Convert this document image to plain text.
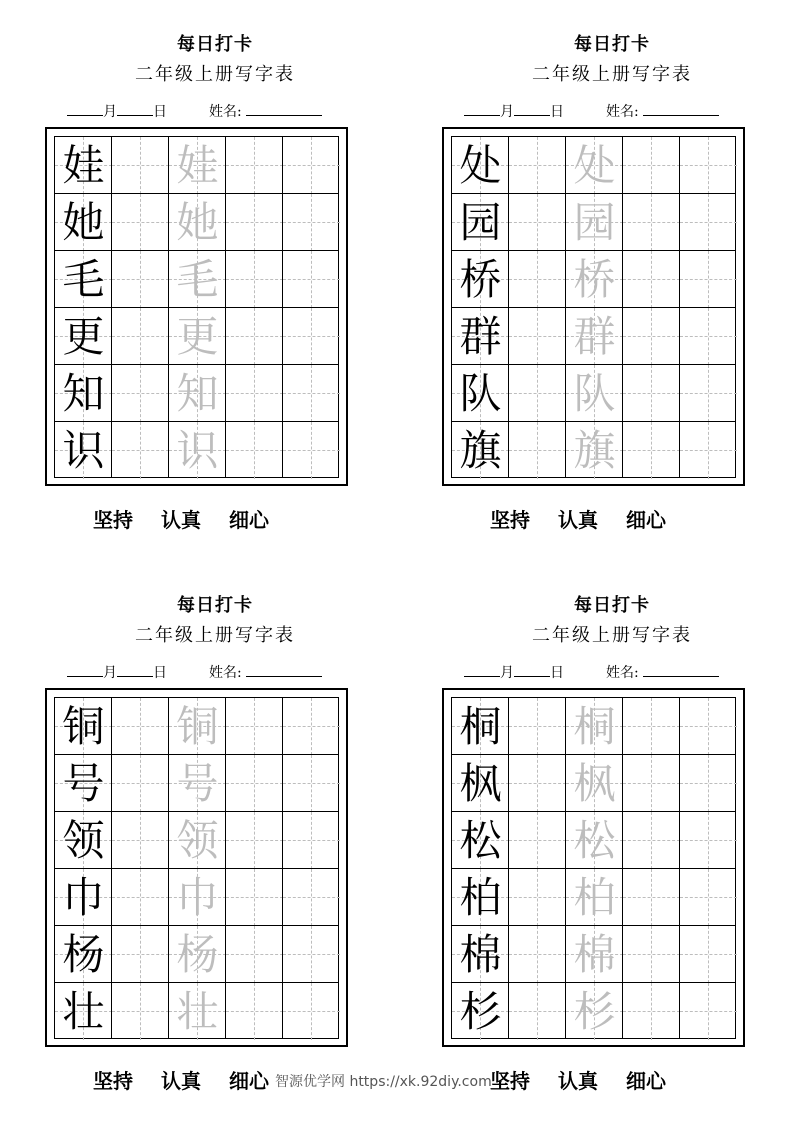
每日打卡
二年级上册写字表
月	日	姓名:
娃 娃
她 她
毛 毛
更 更
知 知
识 识
坚持 认真 细心
每日打卡
二年级上册写字表
月	日	姓名:
处 处
园 园
桥 桥
群 群
队 队
旗 旗
坚持 认真 细心
每日打卡
二年级上册写字表
月	日	姓名:
铜 铜
号 号
领 领
巾 巾
杨 杨
壮 壮
坚持 认真 细心
每日打卡
二年级上册写字表
月	日	姓名:
桐 桐
枫 枫
松 松
柏 柏
棉 棉
杉 杉
坚持 认真 细心
智源优学网 https://xk.92diy.com
